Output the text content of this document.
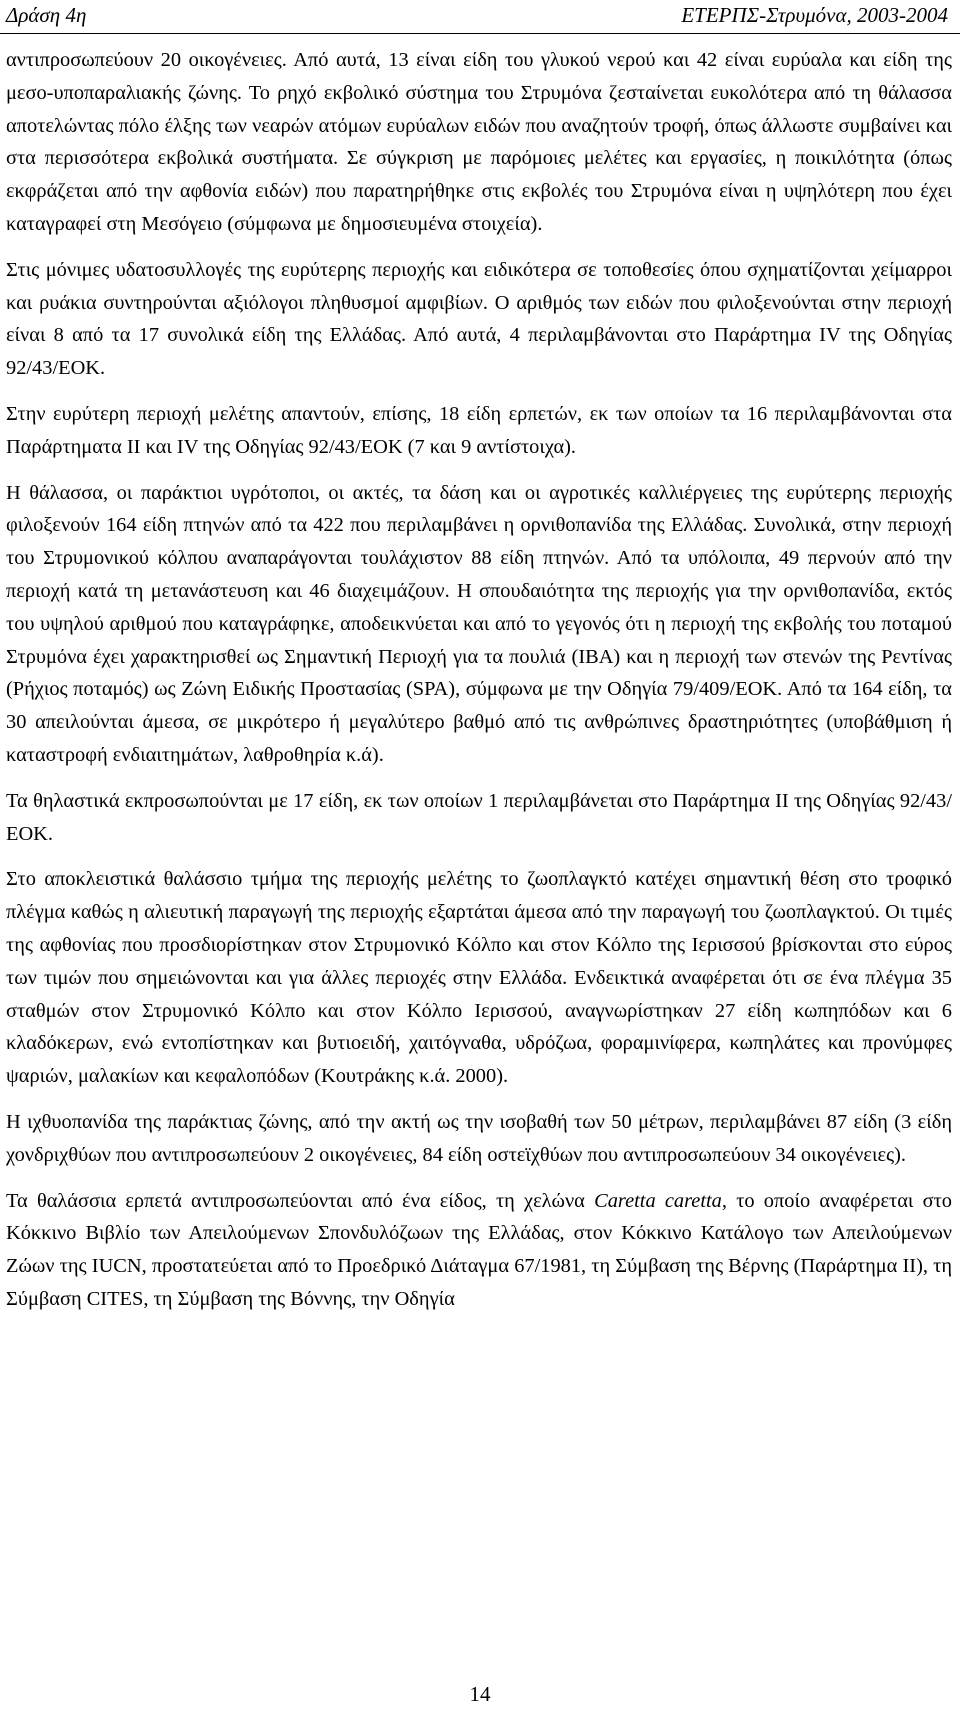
Δράση 4η	ΕΤΕΡΠΣ-Στρυμόνα, 2003-2004

αντιπροσωπεύουν 20 οικογένειες. Από αυτά, 13 είναι είδη του γλυκού νερού και 42 είναι ευρύαλα και είδη της μεσο-υποπαραλιακής ζώνης. Το ρηχό εκβολικό σύστημα του Στρυμόνα ζεσταίνεται ευκολότερα από τη θάλασσα αποτελώντας πόλο έλξης των νεαρών ατόμων ευρύαλων ειδών που αναζητούν τροφή, όπως άλλωστε συμβαίνει και στα περισσότερα εκβολικά συστήματα. Σε σύγκριση με παρόμοιες μελέτες και εργασίες, η ποικιλότητα (όπως εκφράζεται από την αφθονία ειδών) που παρατηρήθηκε στις εκβολές του Στρυμόνα είναι η υψηλότερη που έχει καταγραφεί στη Μεσόγειο (σύμφωνα με δημοσιευμένα στοιχεία).

Στις μόνιμες υδατοσυλλογές της ευρύτερης περιοχής και ειδικότερα σε τοποθεσίες όπου σχηματίζονται χείμαρροι και ρυάκια συντηρούνται αξιόλογοι πληθυσμοί αμφιβίων. Ο αριθμός των ειδών που φιλοξενούνται στην περιοχή είναι 8 από τα 17 συνολικά είδη της Ελλάδας. Από αυτά, 4 περιλαμβάνονται στο Παράρτημα IV της Οδηγίας 92/43/ΕΟΚ.

Στην ευρύτερη περιοχή μελέτης απαντούν, επίσης, 18 είδη ερπετών, εκ των οποίων τα 16 περιλαμβάνονται στα Παράρτηματα ΙΙ και IV της Οδηγίας 92/43/ΕΟΚ (7 και 9 αντίστοιχα).

Η θάλασσα, οι παράκτιοι υγρότοποι, οι ακτές, τα δάση και οι αγροτικές καλλιέργειες της ευρύτερης περιοχής φιλοξενούν 164 είδη πτηνών από τα 422 που περιλαμβάνει η ορνιθοπανίδα της Ελλάδας. Συνολικά, στην περιοχή του Στρυμονικού κόλπου αναπαράγονται τουλάχιστον 88 είδη πτηνών. Από τα υπόλοιπα, 49 περνούν από την περιοχή κατά τη μετανάστευση και 46 διαχειμάζουν. Η σπουδαιότητα της περιοχής για την ορνιθοπανίδα, εκτός του υψηλού αριθμού που καταγράφηκε, αποδεικνύεται και από το γεγονός ότι η περιοχή της εκβολής του ποταμού Στρυμόνα έχει χαρακτηρισθεί ως Σημαντική Περιοχή για τα πουλιά (ΙΒΑ) και η περιοχή των στενών της Ρεντίνας (Ρήχιος ποταμός) ως Ζώνη Ειδικής Προστασίας (SPA), σύμφωνα με την Οδηγία 79/409/ΕΟΚ. Από τα 164 είδη, τα 30 απειλούνται άμεσα, σε μικρότερο ή μεγαλύτερο βαθμό από τις ανθρώπινες δραστηριότητες (υποβάθμιση ή καταστροφή ενδιαιτημάτων, λαθροθηρία κ.ά).

Τα θηλαστικά εκπροσωπούνται με 17 είδη, εκ των οποίων 1 περιλαμβάνεται στο Παράρτημα ΙΙ της Οδηγίας 92/43/ΕΟΚ.

Στο αποκλειστικά θαλάσσιο τμήμα της περιοχής μελέτης το ζωοπλαγκτό κατέχει σημαντική θέση στο τροφικό πλέγμα καθώς η αλιευτική παραγωγή της περιοχής εξαρτάται άμεσα από την παραγωγή του ζωοπλαγκτού. Οι τιμές της αφθονίας που προσδιορίστηκαν στον Στρυμονικό Κόλπο και στον Κόλπο της Ιερισσού βρίσκονται στο εύρος των τιμών που σημειώνονται και για άλλες περιοχές στην Ελλάδα. Ενδεικτικά αναφέρεται ότι σε ένα πλέγμα 35 σταθμών στον Στρυμονικό Κόλπο και στον Κόλπο Ιερισσού, αναγνωρίστηκαν 27 είδη κωπηπόδων και 6 κλαδόκερων, ενώ εντοπίστηκαν και βυτιοειδή, χαιτόγναθα, υδρόζωα, φοραμινίφερα, κωπηλάτες και προνύμφες ψαριών, μαλακίων και κεφαλοπόδων (Κουτράκης κ.ά. 2000).

Η ιχθυοπανίδα της παράκτιας ζώνης, από την ακτή ως την ισοβαθή των 50 μέτρων, περιλαμβάνει 87 είδη (3 είδη χονδριχθύων που αντιπροσωπεύουν 2 οικογένειες, 84 είδη οστεϊχθύων που αντιπροσωπεύουν 34 οικογένειες).

Τα θαλάσσια ερπετά αντιπροσωπεύονται από ένα είδος, τη χελώνα Caretta caretta, το οποίο αναφέρεται στο Κόκκινο Βιβλίο των Απειλούμενων Σπονδυλόζωων της Ελλάδας, στον Κόκκινο Κατάλογο των Απειλούμενων Ζώων της IUCN, προστατεύεται από το Προεδρικό Διάταγμα 67/1981, τη Σύμβαση της Βέρνης (Παράρτημα ΙΙ), τη Σύμβαση CITES, τη Σύμβαση της Βόννης, την Οδηγία

14
